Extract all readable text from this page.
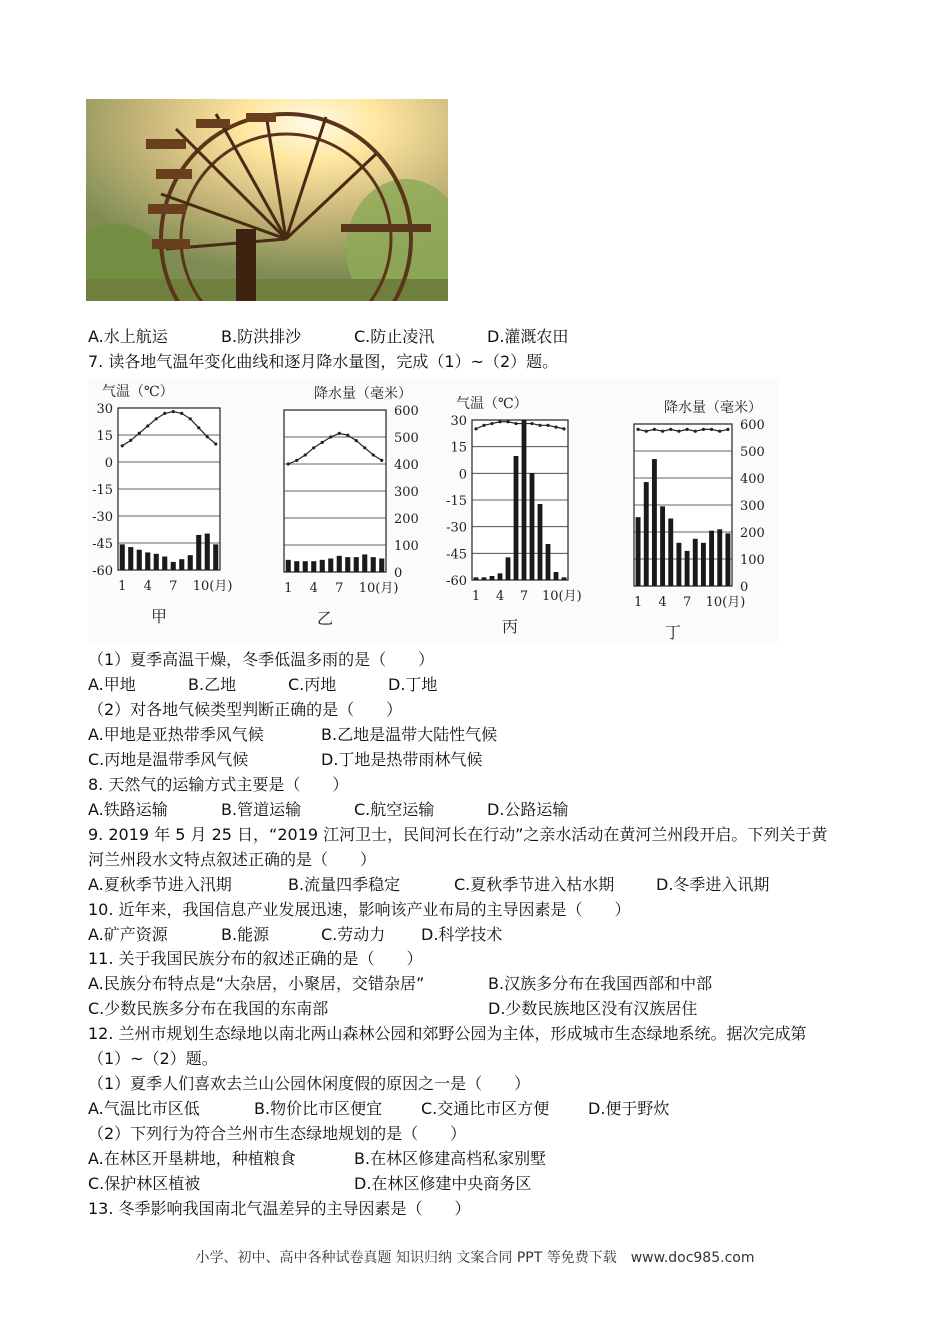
A.水上航运	B.防洪排沙	C.防止凌汛	D.灌溉农田
7. 读各地气温年变化曲线和逐月降水量图，完成（1）~（2）题。
30
15
0
-15
-30
-45
-60
气温（℃）
1 4 7 10(月)
甲
600
500
400
300
200
100
0
降水量（毫米）
1 4 7 10(月)
乙
30
15
0
-15
-30
-45
-60
气温（℃）
1 4 7 10(月)
丙
600
500
400
300
200
100
0
降水量（毫米）
1 4 7 10(月)
丁
（1）夏季高温干燥，冬季低温多雨的是（　　）
A.甲地	B.乙地	C.丙地	D.丁地
（2）对各地气候类型判断正确的是（　　）
A.甲地是亚热带季风气候	B.乙地是温带大陆性气候
C.丙地是温带季风气候	D.丁地是热带雨林气候
8. 天然气的运输方式主要是（　　）
A.铁路运输	B.管道运输	C.航空运输	D.公路运输
9. 2019 年 5 月 25 日，“2019 江河卫士，民间河长在行动”之亲水活动在黄河兰州段开启。下列关于黄
河兰州段水文特点叙述正确的是（　　）
A.夏秋季节进入汛期	B.流量四季稳定	C.夏秋季节进入枯水期	D.冬季进入讯期
10. 近年来，我国信息产业发展迅速，影响该产业布局的主导因素是（　　）
A.矿产资源	B.能源	C.劳动力 D.科学技术
11. 关于我国民族分布的叙述正确的是（　　）
A.民族分布特点是“大杂居，小聚居，交错杂居”	B.汉族多分布在我国西部和中部
C.少数民族多分布在我国的东南部	D.少数民族地区没有汉族居住
12. 兰州市规划生态绿地以南北两山森林公园和郊野公园为主体，形成城市生态绿地系统。据次完成第
（1）~（2）题。
（1）夏季人们喜欢去兰山公园休闲度假的原因之一是（　　）
A.气温比市区低	B.物价比市区便宜 C.交通比市区方便 D.便于野炊
（2）下列行为符合兰州市生态绿地规划的是（　　）
A.在林区开垦耕地，种植粮食	B.在林区修建高档私家别墅
C.保护林区植被	D.在林区修建中央商务区
13. 冬季影响我国南北气温差异的主导因素是（　　）
小学、初中、高中各种试卷真题 知识归纳 文案合同 PPT 等免费下载　www.doc985.com
